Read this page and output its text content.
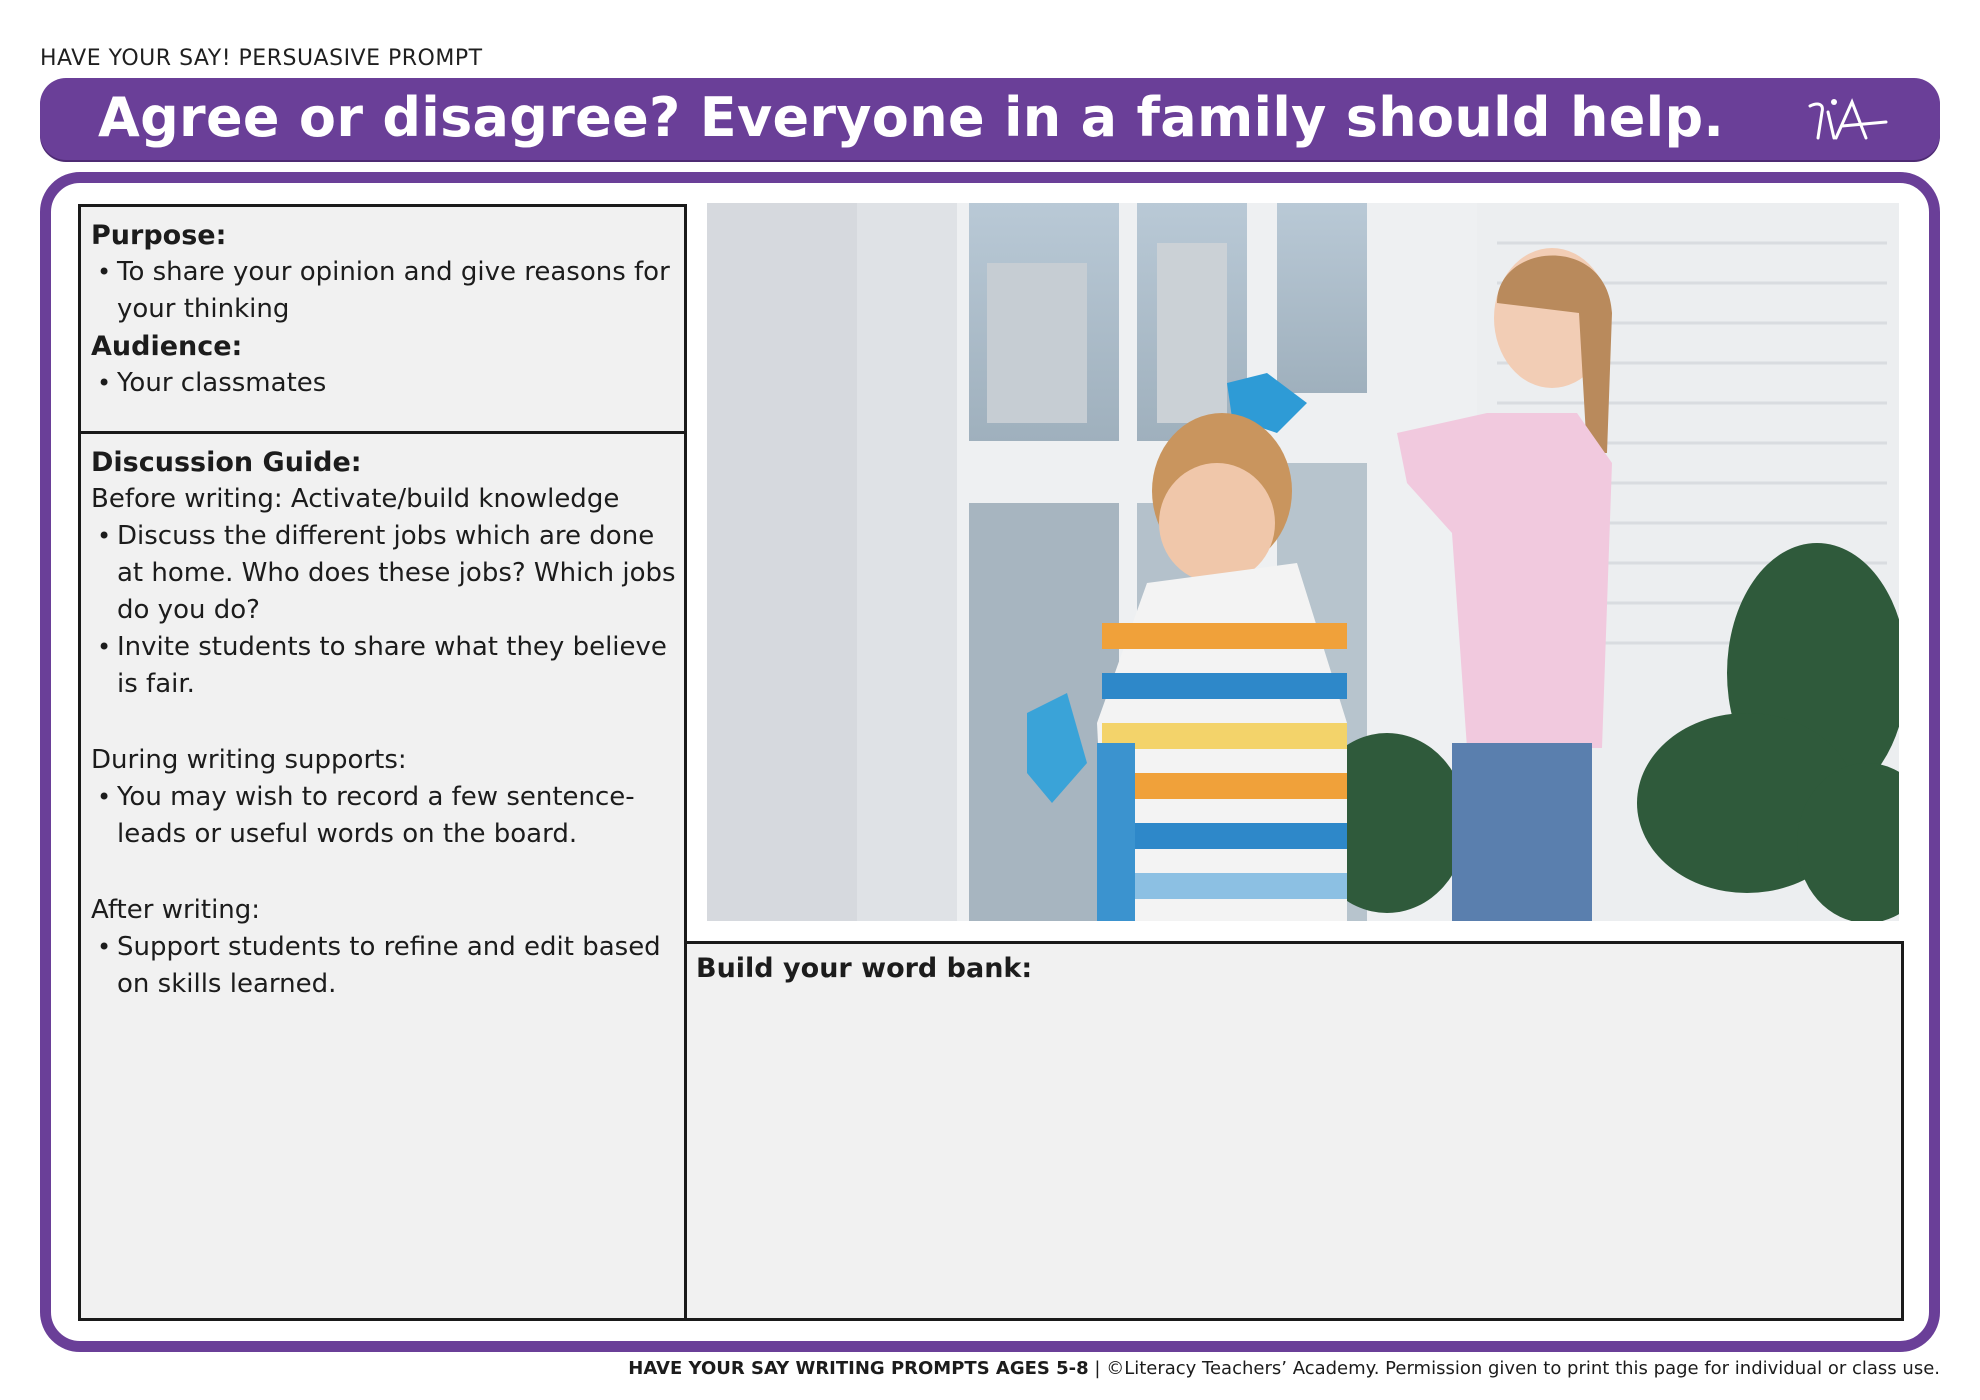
HAVE YOUR SAY! PERSUASIVE PROMPT
Agree or disagree? Everyone in a family should help.
Purpose:
• To share your opinion and give reasons for your thinking
Audience:
• Your classmates
Discussion Guide:
Before writing: Activate/build knowledge
• Discuss the different jobs which are done at home. Who does these jobs? Which jobs do you do?
• Invite students to share what they believe is fair.
During writing supports:
• You may wish to record a few sentence-leads or useful words on the board.
After writing:
• Support students to refine and edit based on skills learned.	Build your word bank:
HAVE YOUR SAY WRITING PROMPTS AGES 5-8 | ©Literacy Teachers’ Academy. Permission given to print this page for individual or class use.
